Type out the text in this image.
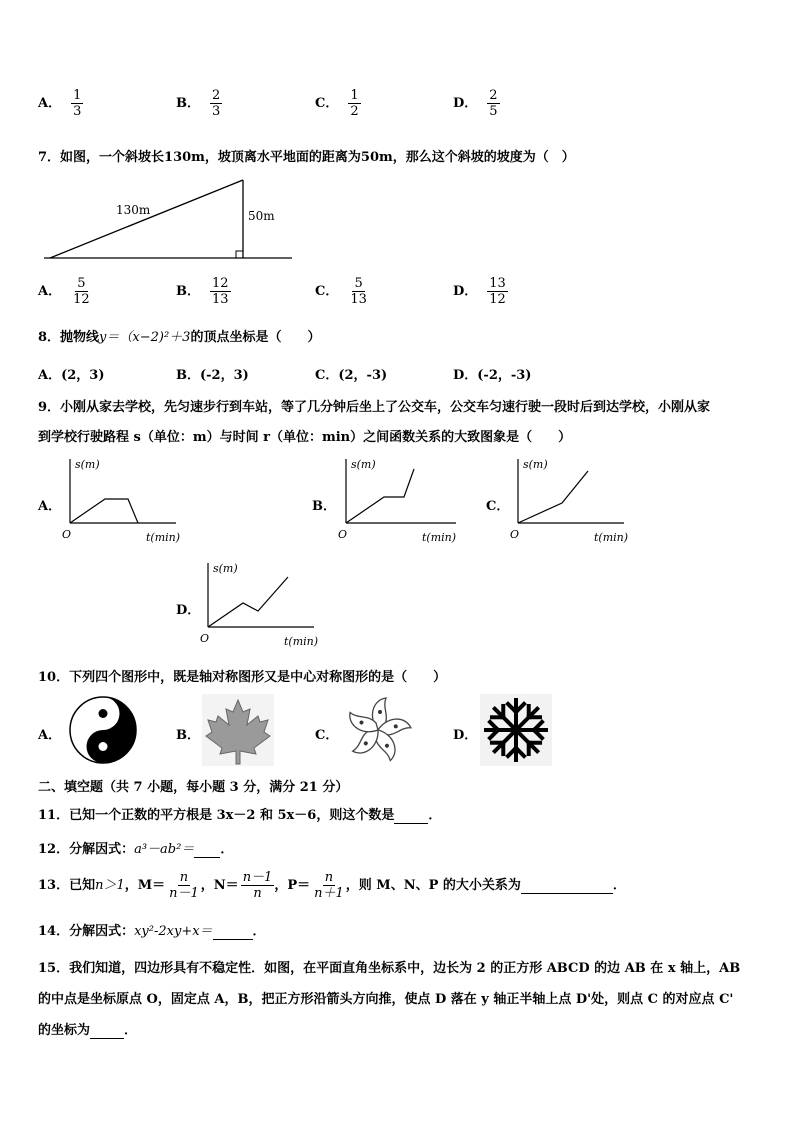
A． $\frac{1}{3}$	B． $\frac{2}{3}$	C． $\frac{1}{2}$	D． $\frac{2}{5}$
7．如图，一个斜坡长130m，坡顶离水平地面的距离为50m，那么这个斜坡的坡度为（　）
130m	50m
A． $\frac{5}{12}$	B． $\frac{12}{13}$	C． $\frac{5}{13}$	D． $\frac{13}{12}$
8．抛物线y＝（x−2)²＋3的顶点坐标是（　　）
A．(2，3)	B．(-2，3)	C．(2，-3)	D．(-2，-3)
9．小刚从家去学校，先匀速步行到车站，等了几分钟后坐上了公交车，公交车匀速行驶一段时后到达学校，小刚从家
到学校行驶路程 s（单位：m）与时间 r（单位：min）之间函数关系的大致图象是（　　）
A．
s(m)
O	t(min)
B．
s(m)
O	t(min)
C．
s(m)
O	t(min)
D．
s(m)
O	t(min)
10．下列四个图形中，既是轴对称图形又是中心对称图形的是（　　）
A．	B．	C．	D．
二、填空题（共 7 小题，每小题 3 分，满分 21 分）
11．已知一个正数的平方根是 3x－2 和 5x－6，则这个数是	．
12．分解因式：a³－ab²＝ ．
13．已知n＞1，$M= \frac{n}{n-1}$ ，$N= \frac{n-1}{n}$ ，$P= \frac{n}{n+1}$ ，则 M、N、P 的大小关系为	．
14．分解因式：xy²-2xy+x＝	．
15．我们知道，四边形具有不稳定性．如图，在平面直角坐标系中，边长为 2 的正方形 ABCD 的边 AB 在 x 轴上，AB
的中点是坐标原点 O，固定点 A，B，把正方形沿箭头方向推，使点 D 落在 y 轴正半轴上点 D'处，则点 C 的对应点 C'
的坐标为	．
